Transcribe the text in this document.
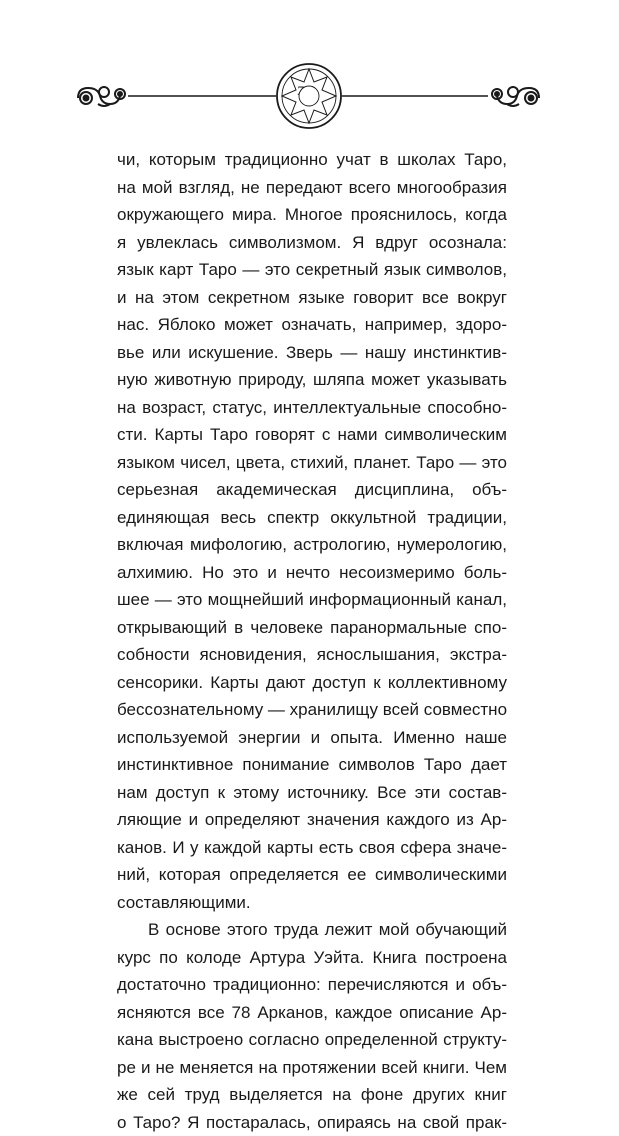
7
чи, которым традиционно учат в школах Таро,
на мой взгляд, не передают всего многообразия
окружающего мира. Многое прояснилось, когда
я увлеклась символизмом. Я вдруг осознала:
язык карт Таро — это секретный язык символов,
и на этом секретном языке говорит все вокруг
нас. Яблоко может означать, например, здоро-
вье или искушение. Зверь — нашу инстинктив-
ную животную природу, шляпа может указывать
на возраст, статус, интеллектуальные способно-
сти. Карты Таро говорят с нами символическим
языком чисел, цвета, стихий, планет. Таро — это
серьезная академическая дисциплина, объ-
единяющая весь спектр оккультной традиции,
включая мифологию, астрологию, нумерологию,
алхимию. Но это и нечто несоизмеримо боль-
шее — это мощнейший информационный канал,
открывающий в человеке паранормальные спо-
собности ясновидения, яснослышания, экстра-
сенсорики. Карты дают доступ к коллективному
бессознательному — хранилищу всей совместно
используемой энергии и опыта. Именно наше
инстинктивное понимание символов Таро дает
нам доступ к этому источнику. Все эти состав-
ляющие и определяют значения каждого из Ар-
канов. И у каждой карты есть своя сфера значе-
ний, которая определяется ее символическими
составляющими.
В основе этого труда лежит мой обучающий
курс по колоде Артура Уэйта. Книга построена
достаточно традиционно: перечисляются и объ-
ясняются все 78 Арканов, каждое описание Ар-
кана выстроено согласно определенной структу-
ре и не меняется на протяжении всей книги. Чем
же сей труд выделяется на фоне других книг
о Таро? Я постаралась, опираясь на свой прак-
